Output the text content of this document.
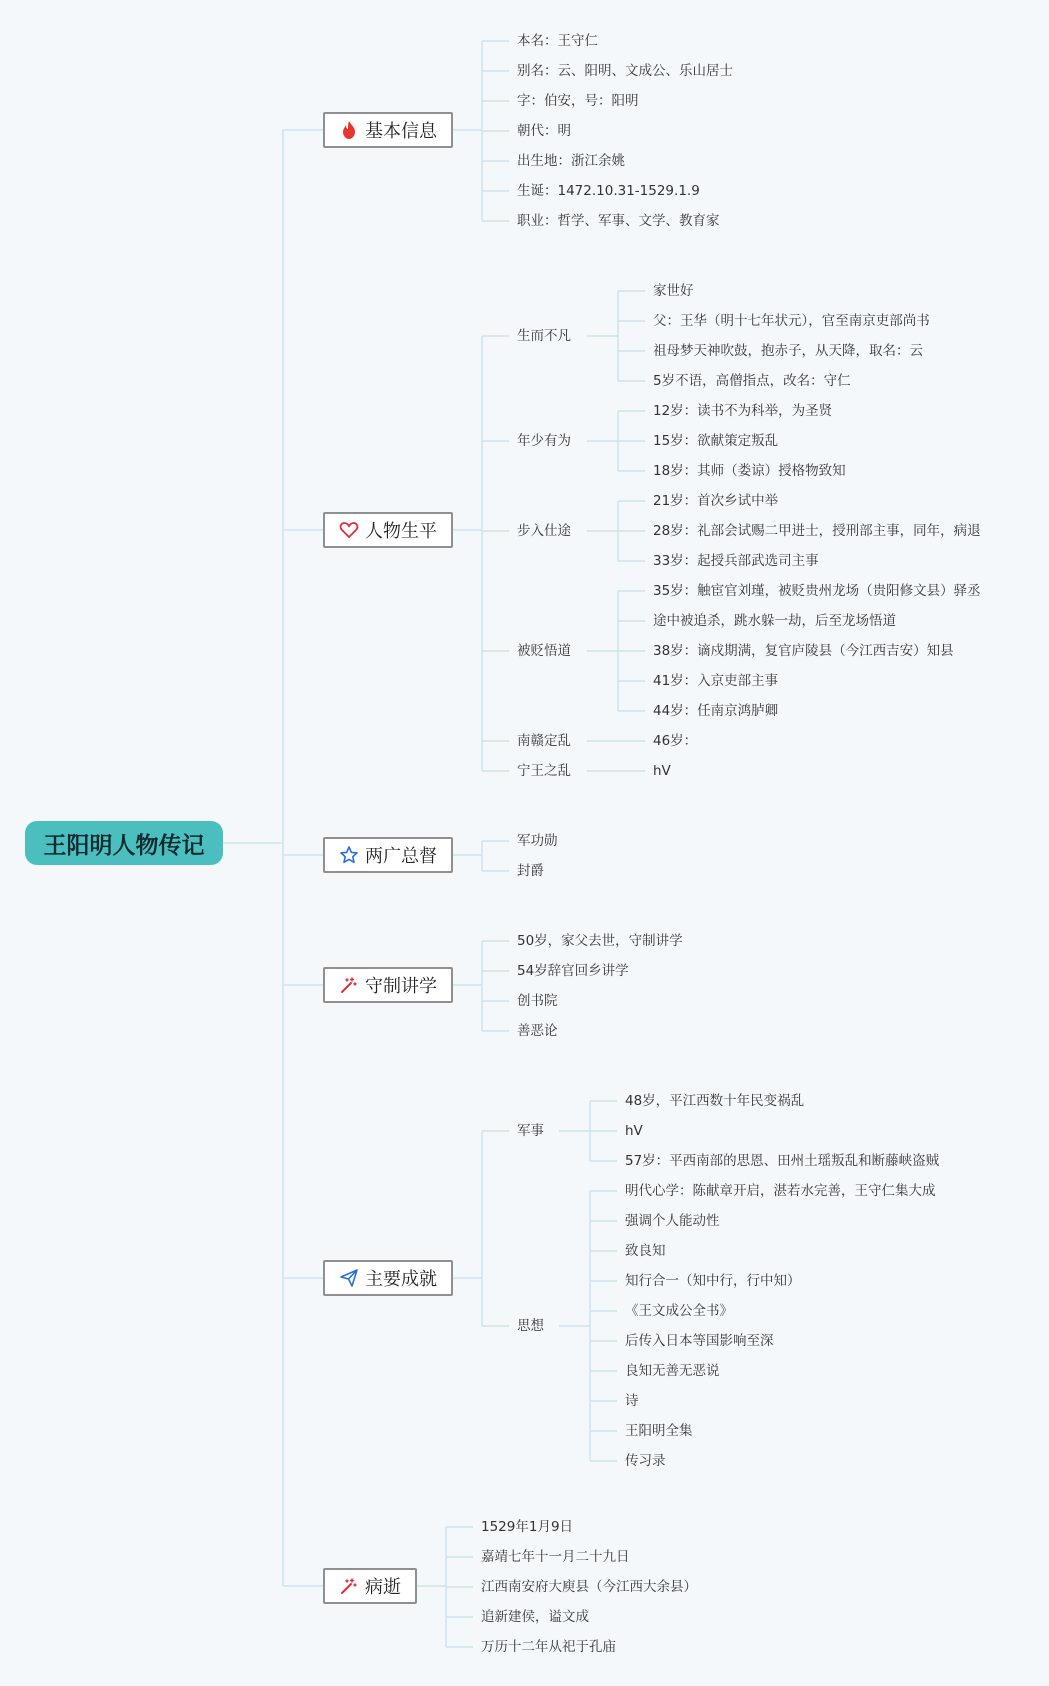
王阳明人物传记
基本信息
本名：王守仁
别名：云、阳明、文成公、乐山居士
字：伯安，号：阳明
朝代：明
出生地：浙江余姚
生诞：1472.10.31-1529.1.9
职业：哲学、军事、文学、教育家
人物生平
生而不凡
家世好
父：王华（明十七年状元），官至南京吏部尚书
祖母梦天神吹鼓，抱赤子，从天降，取名：云
5岁不语，高僧指点，改名：守仁
年少有为
12岁：读书不为科举，为圣贤
15岁：欲献策定叛乱
18岁：其师（娄谅）授格物致知
步入仕途
21岁：首次乡试中举
28岁：礼部会试赐二甲进士，授刑部主事，同年，病退
33岁：起授兵部武选司主事
被贬悟道
35岁：触宦官刘瑾，被贬贵州龙场（贵阳修文县）驿丞
途中被追杀，跳水躲一劫，后至龙场悟道
38岁：谪戍期满，复官庐陵县（今江西吉安）知县
41岁：入京吏部主事
44岁：任南京鸿胪卿
南赣定乱	46岁：
宁王之乱	hV
两广总督
军功勋
封爵
守制讲学
50岁，家父去世，守制讲学
54岁辞官回乡讲学
创书院
善恶论
主要成就
军事
48岁，平江西数十年民变祸乱
hV
57岁：平西南部的思恩、田州土瑶叛乱和断藤峡盗贼
思想
明代心学：陈献章开启，湛若水完善，王守仁集大成
强调个人能动性
致良知
知行合一（知中行，行中知）
《王文成公全书》
后传入日本等国影响至深
良知无善无恶说
诗
王阳明全集
传习录
病逝
1529年1月9日
嘉靖七年十一月二十九日
江西南安府大庾县（今江西大余县）
追新建侯，谥文成
万历十二年从祀于孔庙
